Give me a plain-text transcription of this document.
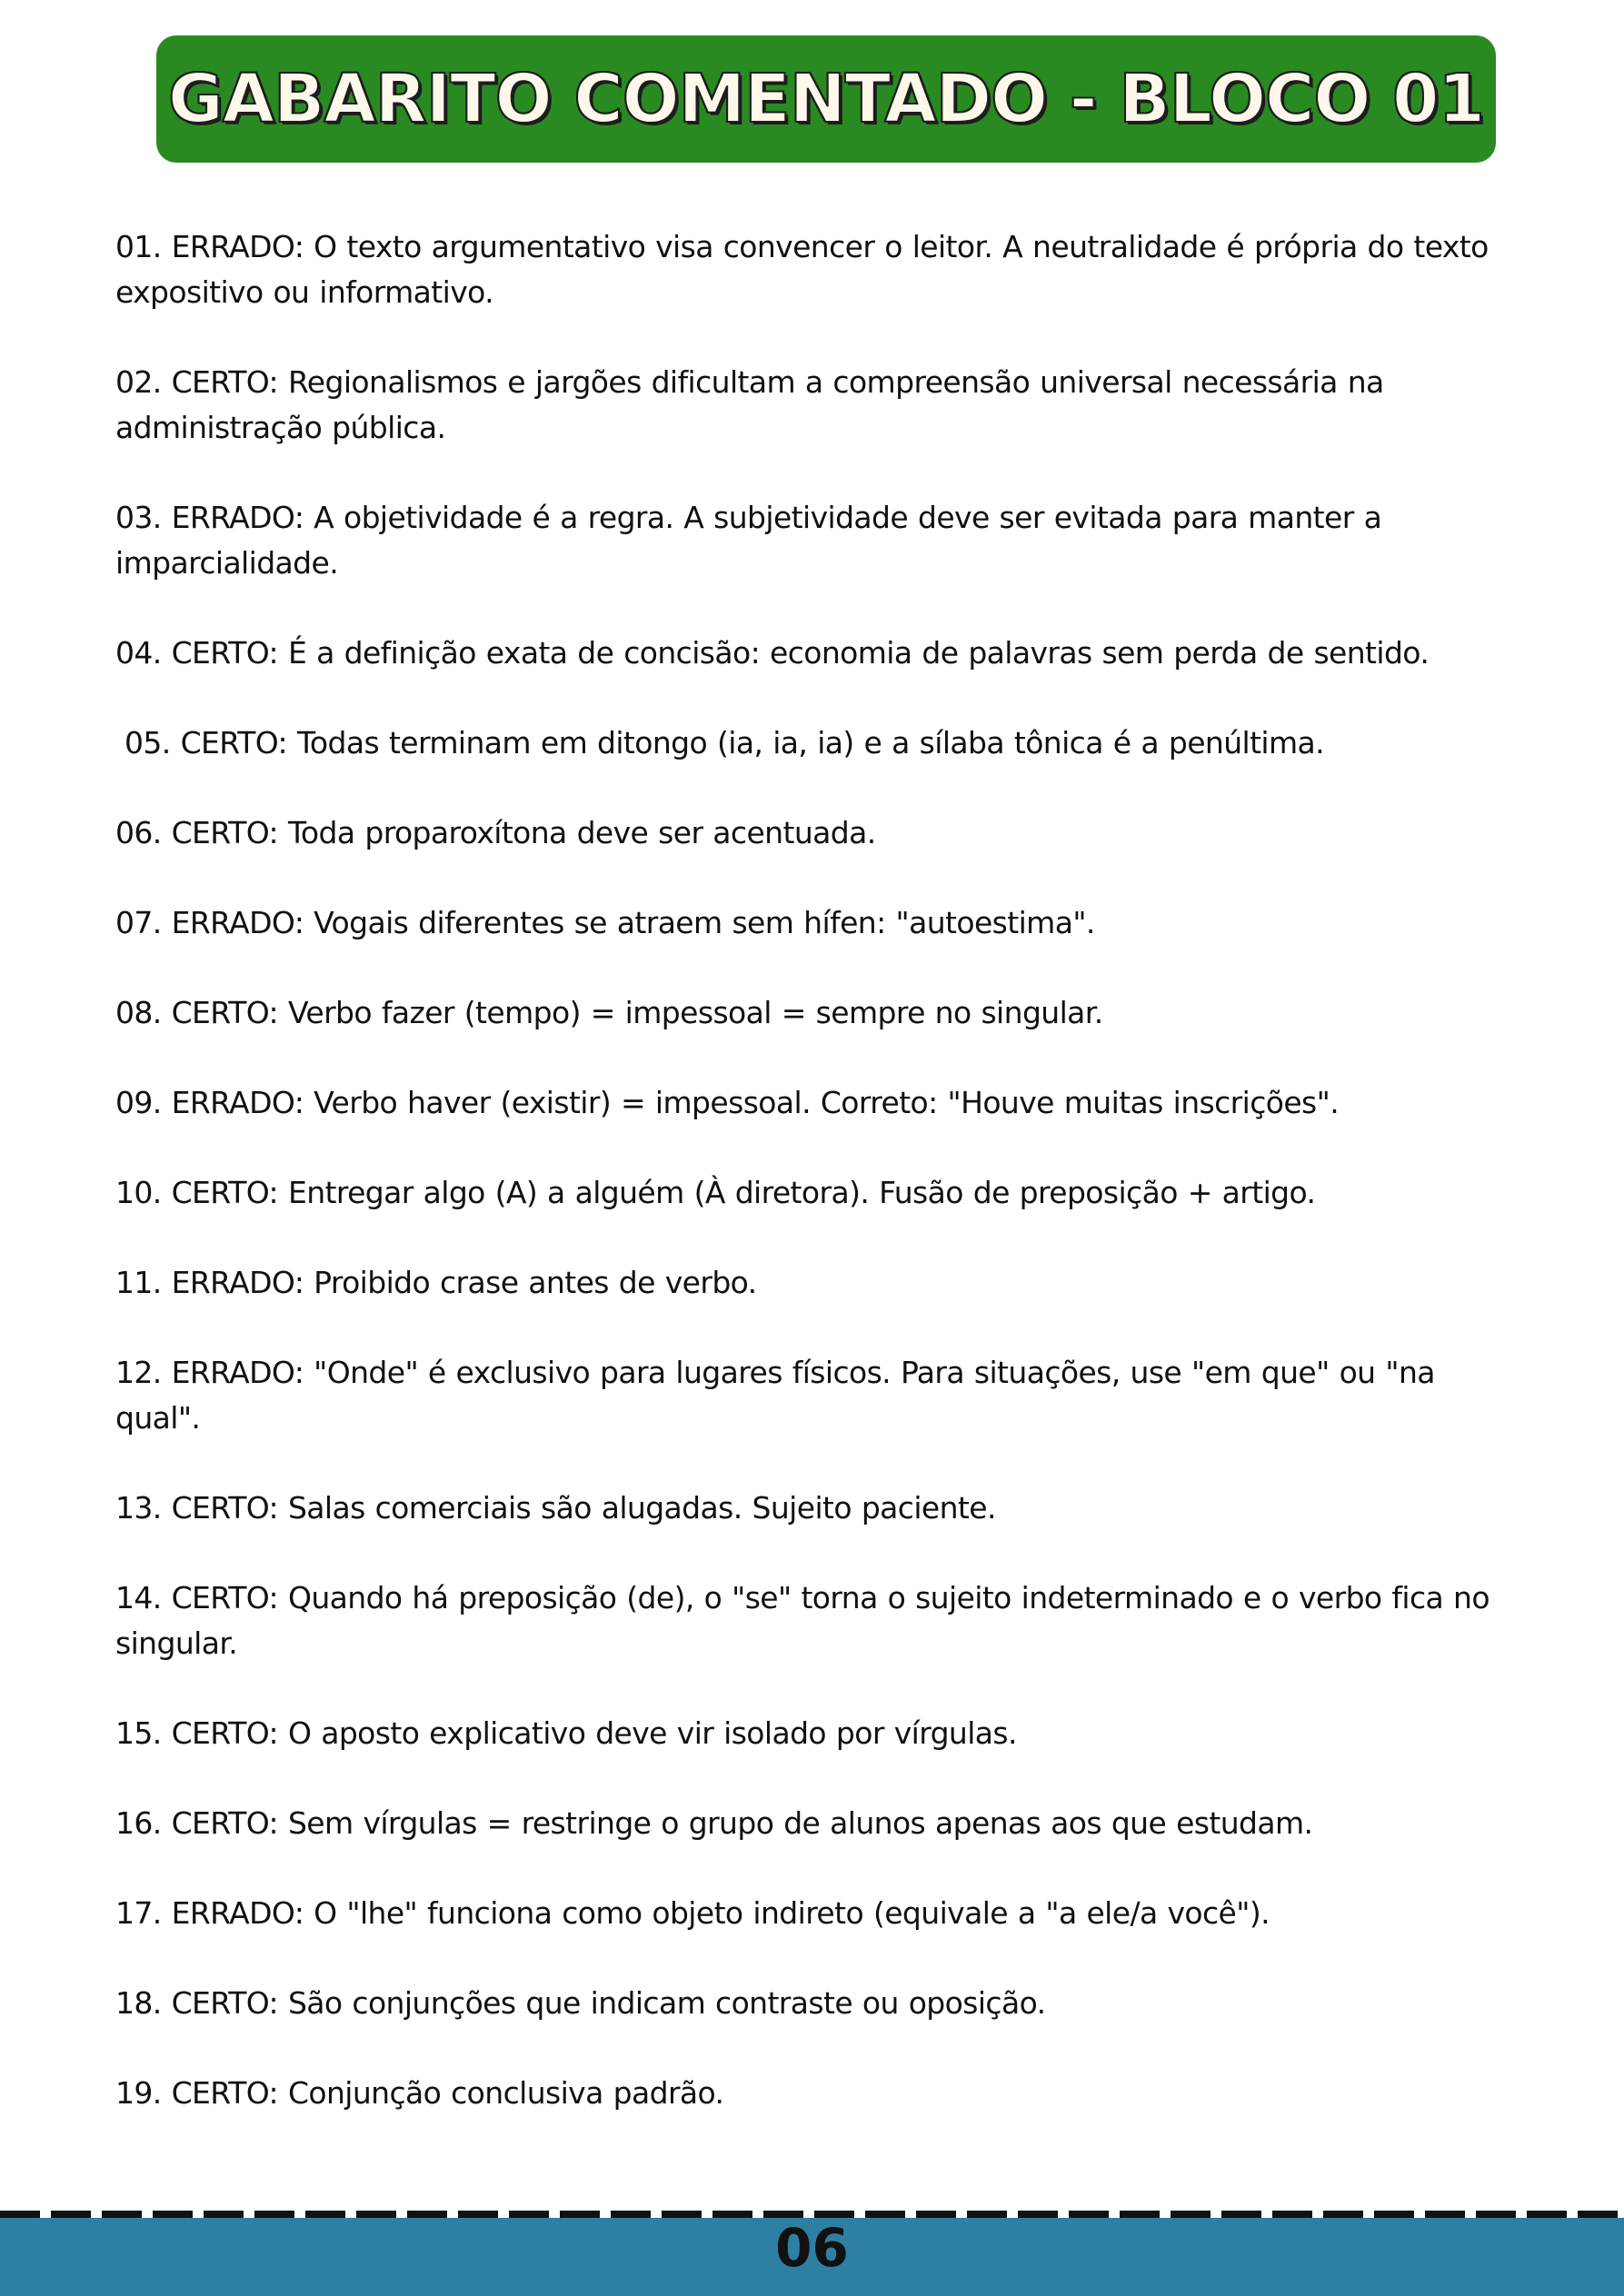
GABARITO COMENTADO - BLOCO 01
01. ERRADO: O texto argumentativo visa convencer o leitor. A neutralidade é própria do texto expositivo ou informativo.
02. CERTO: Regionalismos e jargões dificultam a compreensão universal necessária na administração pública.
03. ERRADO: A objetividade é a regra. A subjetividade deve ser evitada para manter a imparcialidade.
04. CERTO: É a definição exata de concisão: economia de palavras sem perda de sentido.
05. CERTO: Todas terminam em ditongo (ia, ia, ia) e a sílaba tônica é a penúltima.
06. CERTO: Toda proparoxítona deve ser acentuada.
07. ERRADO: Vogais diferentes se atraem sem hífen: "autoestima".
08. CERTO: Verbo fazer (tempo) = impessoal = sempre no singular.
09. ERRADO: Verbo haver (existir) = impessoal. Correto: "Houve muitas inscrições".
10. CERTO: Entregar algo (A) a alguém (À diretora). Fusão de preposição + artigo.
11. ERRADO: Proibido crase antes de verbo.
12. ERRADO: "Onde" é exclusivo para lugares físicos. Para situações, use "em que" ou "na qual".
13. CERTO: Salas comerciais são alugadas. Sujeito paciente.
14. CERTO: Quando há preposição (de), o "se" torna o sujeito indeterminado e o verbo fica no singular.
15. CERTO: O aposto explicativo deve vir isolado por vírgulas.
16. CERTO: Sem vírgulas = restringe o grupo de alunos apenas aos que estudam.
17. ERRADO: O "lhe" funciona como objeto indireto (equivale a "a ele/a você").
18. CERTO: São conjunções que indicam contraste ou oposição.
19. CERTO: Conjunção conclusiva padrão.
06
